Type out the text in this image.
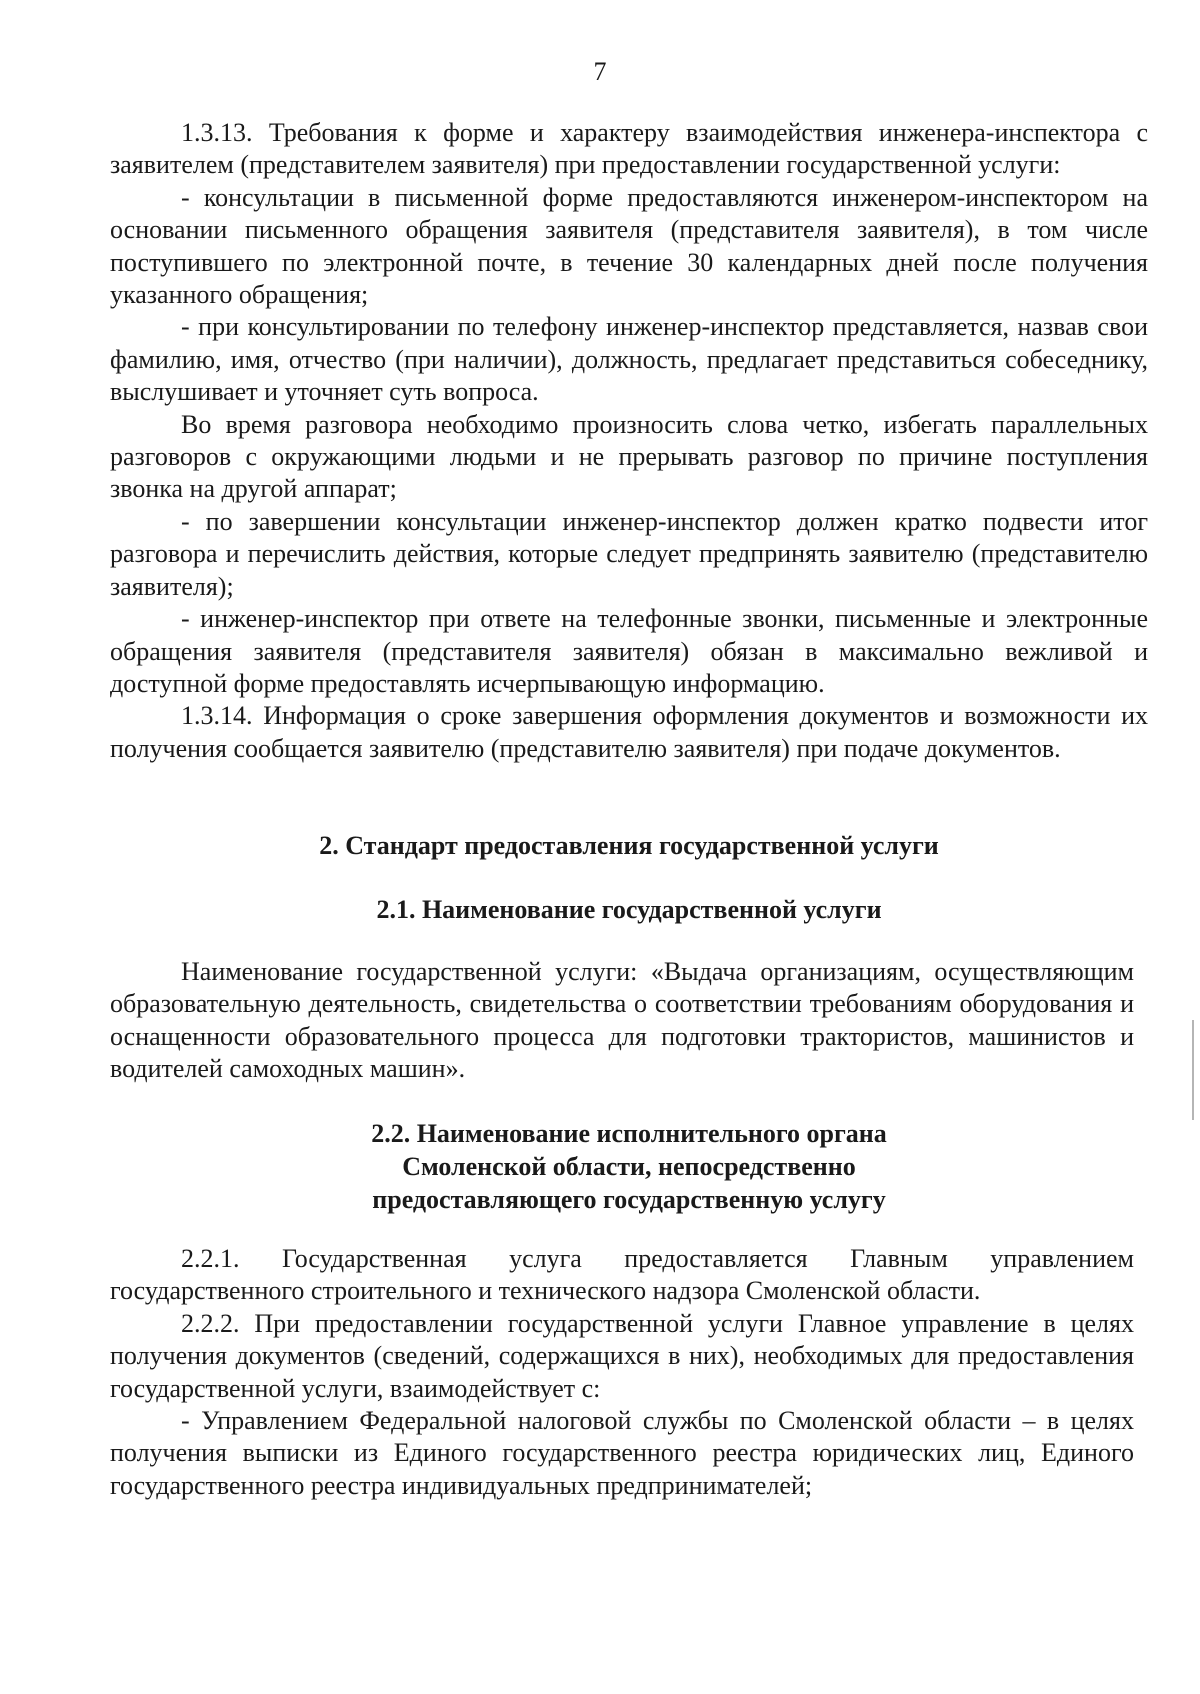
7

1.3.13. Требования к форме и характеру взаимодействия инженера-инспектора с заявителем (представителем заявителя) при предоставлении государственной услуги:

- консультации в письменной форме предоставляются инженером-инспектором на основании письменного обращения заявителя (представителя заявителя), в том числе поступившего по электронной почте, в течение 30 календарных дней после получения указанного обращения;

- при консультировании по телефону инженер-инспектор представляется, назвав свои фамилию, имя, отчество (при наличии), должность, предлагает представиться собеседнику, выслушивает и уточняет суть вопроса.

Во время разговора необходимо произносить слова четко, избегать параллельных разговоров с окружающими людьми и не прерывать разговор по причине поступления звонка на другой аппарат;

- по завершении консультации инженер-инспектор должен кратко подвести итог разговора и перечислить действия, которые следует предпринять заявителю (представителю заявителя);

- инженер-инспектор при ответе на телефонные звонки, письменные и электронные обращения заявителя (представителя заявителя) обязан в максимально вежливой и доступной форме предоставлять исчерпывающую информацию.

1.3.14. Информация о сроке завершения оформления документов и возможности их получения сообщается заявителю (представителю заявителя) при подаче документов.

2. Стандарт предоставления государственной услуги
2.1. Наименование государственной услуги

Наименование государственной услуги: «Выдача организациям, осуществляющим образовательную деятельность, свидетельства о соответствии требованиям оборудования и оснащенности образовательного процесса для подготовки трактористов, машинистов и водителей самоходных машин».

2.2. Наименование исполнительного органа
Смоленской области, непосредственно
предоставляющего государственную услугу

2.2.1. Государственная услуга предоставляется Главным управлением государственного строительного и технического надзора Смоленской области.

2.2.2. При предоставлении государственной услуги Главное управление в целях получения документов (сведений, содержащихся в них), необходимых для предоставления государственной услуги, взаимодействует с:

- Управлением Федеральной налоговой службы по Смоленской области – в целях получения выписки из Единого государственного реестра юридических лиц, Единого государственного реестра индивидуальных предпринимателей;
